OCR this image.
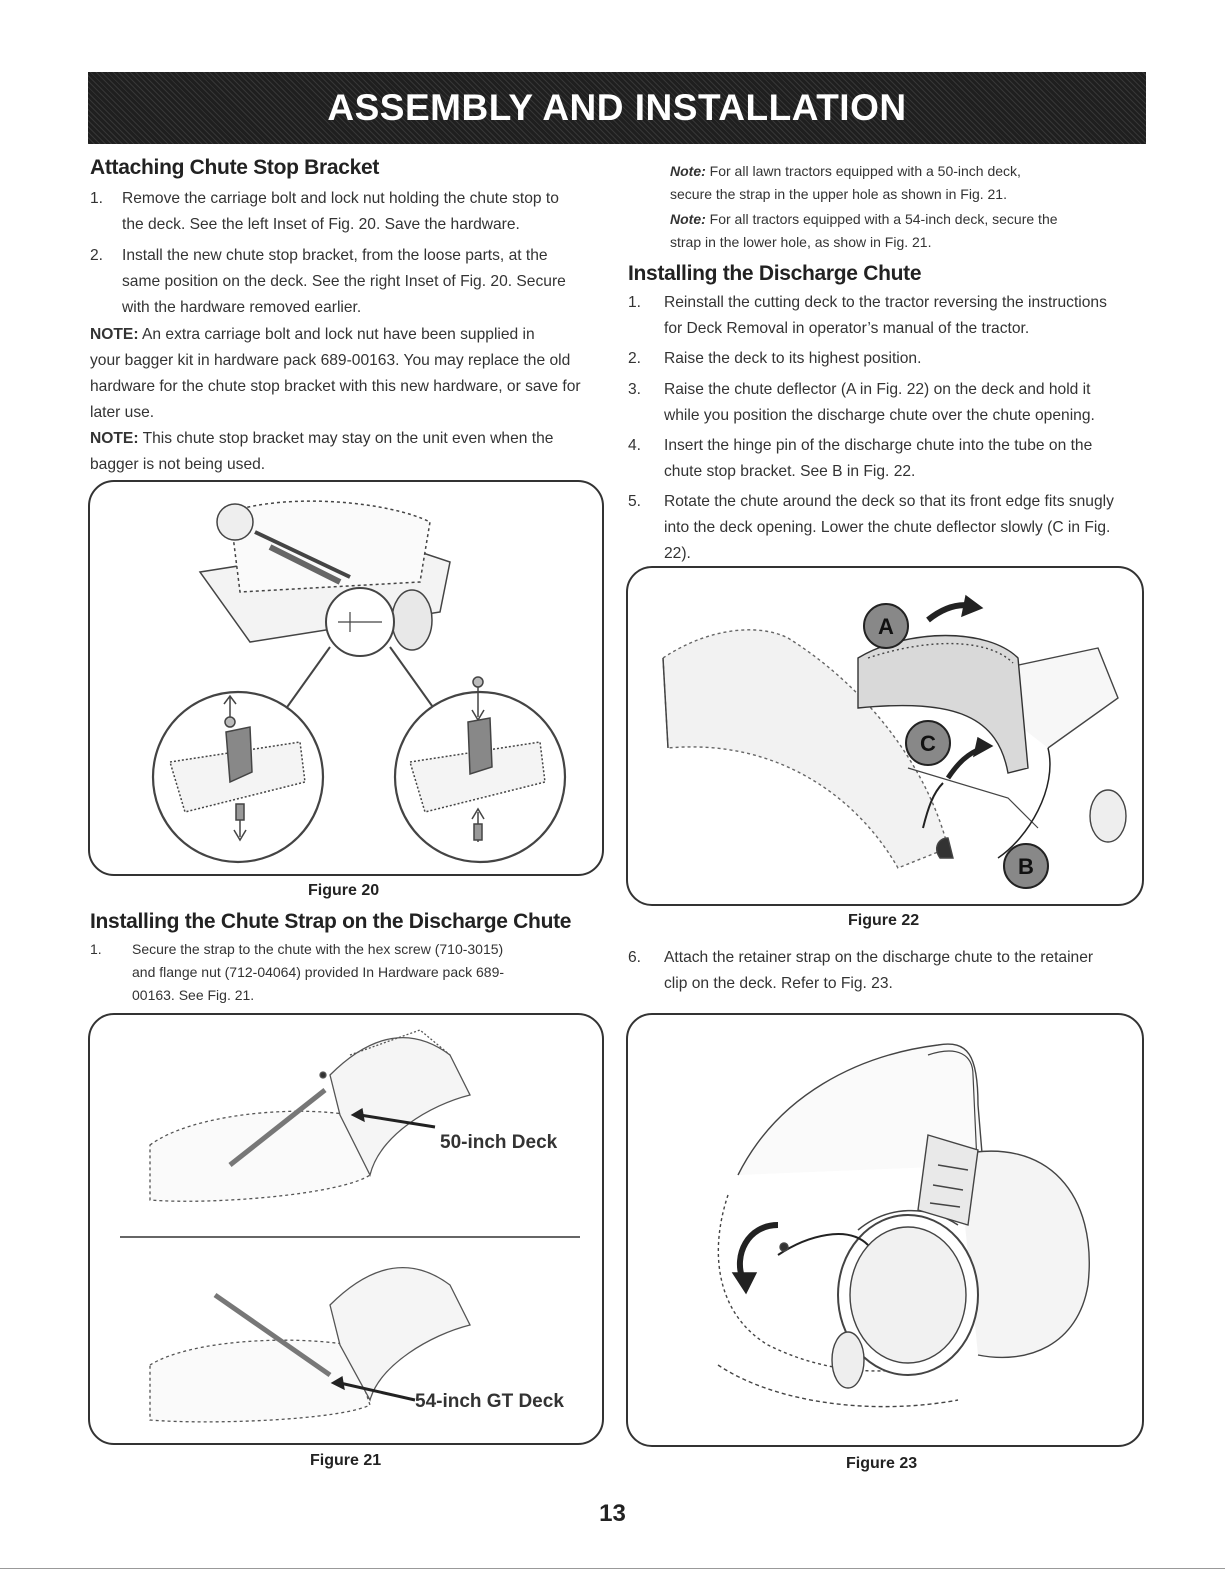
ASSEMBLY AND INSTALLATION
Attaching Chute Stop Bracket
1. Remove the carriage bolt and lock nut holding the chute stop to
the deck. See the left Inset of Fig. 20. Save the hardware.
2. Install the new chute stop bracket, from the loose parts, at the
same position on the deck. See the right Inset of Fig. 20. Secure
with the hardware removed earlier.
NOTE: An extra carriage bolt and lock nut have been supplied in
your bagger kit in hardware pack 689-00163. You may replace the old
hardware for the chute stop bracket with this new hardware, or save for
later use.
NOTE: This chute stop bracket may stay on the unit even when the
bagger is not being used.
Figure 20
Installing the Chute Strap on the Discharge Chute
1. Secure the strap to the chute with the hex screw (710-3015)
and flange nut (712-04064) provided In Hardware pack 689-
00163. See Fig. 21.
50-inch Deck
54-inch GT Deck
Figure 21
Note: For all lawn tractors equipped with a 50-inch deck,
secure the strap in the upper hole as shown in Fig. 21.
Note: For all tractors equipped with a 54-inch deck, secure the
strap in the lower hole, as show in Fig. 21.
Installing the Discharge Chute
1. Reinstall the cutting deck to the tractor reversing the instructions
for Deck Removal in operator’s manual of the tractor.
2. Raise the deck to its highest position.
3. Raise the chute deflector (A in Fig. 22) on the deck and hold it
while you position the discharge chute over the chute opening.
4. Insert the hinge pin of the discharge chute into the tube on the
chute stop bracket. See B in Fig. 22.
5. Rotate the chute around the deck so that its front edge fits snugly
into the deck opening. Lower the chute deflector slowly (C in Fig.
22).
A
C
B
Figure 22
6. Attach the retainer strap on the discharge chute to the retainer
clip on the deck. Refer to Fig. 23.
Figure 23
13
